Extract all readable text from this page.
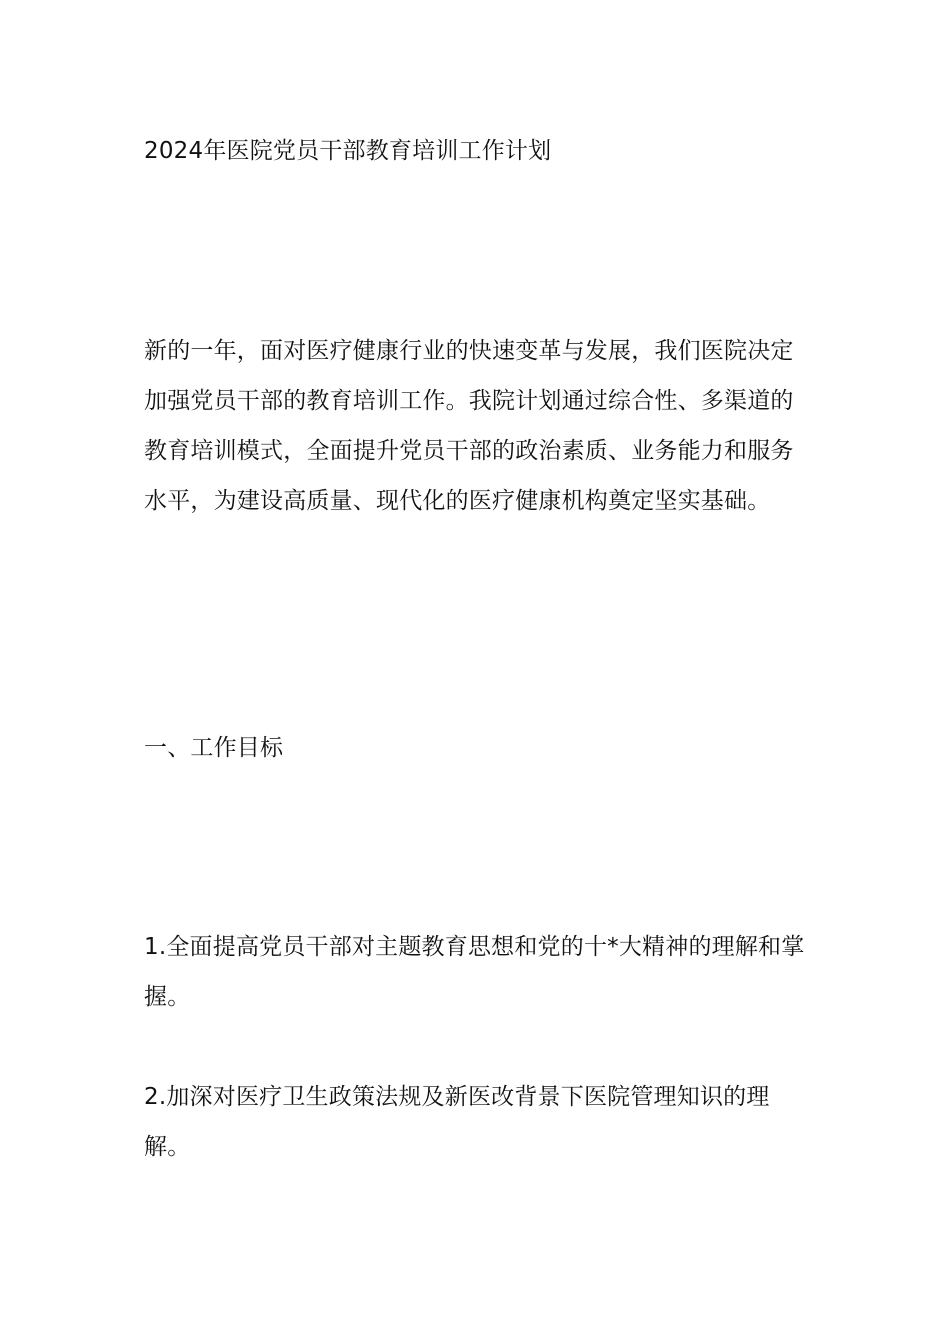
2024年医院党员干部教育培训工作计划

新的一年，面对医疗健康行业的快速变革与发展，我们医院决定加强党员干部的教育培训工作。我院计划通过综合性、多渠道的教育培训模式，全面提升党员干部的政治素质、业务能力和服务水平，为建设高质量、现代化的医疗健康机构奠定坚实基础。

一、工作目标

1.全面提高党员干部对主题教育思想和党的十*大精神的理解和掌握。

2.加深对医疗卫生政策法规及新医改背景下医院管理知识的理解。
